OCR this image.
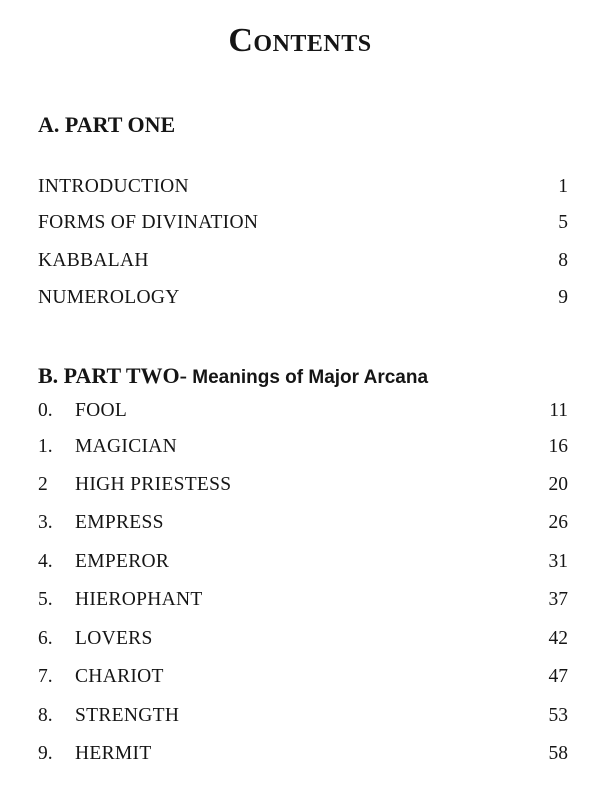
Contents
A. PART ONE
INTRODUCTION	1
FORMS OF DIVINATION	5
KABBALAH	8
NUMEROLOGY	9
B. PART TWO- Meanings of Major Arcana
0. FOOL	11
1. MAGICIAN	16
2 HIGH PRIESTESS	20
3. EMPRESS	26
4. EMPEROR	31
5. HIEROPHANT	37
6. LOVERS	42
7. CHARIOT	47
8. STRENGTH	53
9. HERMIT	58
